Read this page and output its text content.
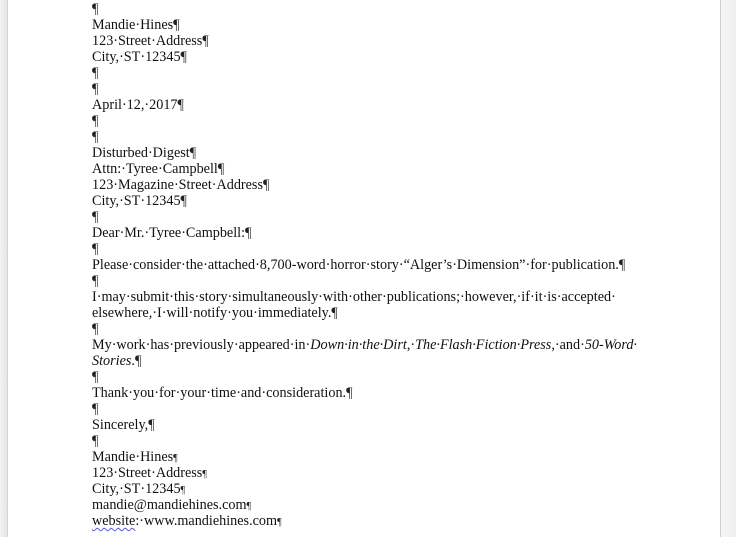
¶
Mandie·Hines¶
123·Street·Address¶
City,·ST·12345¶
¶
¶
April·12,·2017¶
¶
¶
Disturbed·Digest¶
Attn:·Tyree·Campbell¶
123·Magazine·Street·Address¶
City,·ST·12345¶
¶
Dear·Mr.·Tyree·Campbell:¶
¶
Please·consider·the·attached·8,700-word·horror·story·“Alger’s·Dimension”·for·publication.¶
¶
I·may·submit·this·story·simultaneously·with·other·publications;·however,·if·it·is·accepted·
elsewhere,·I·will·notify·you·immediately.¶
¶
My·work·has·previously·appeared·in·Down·in·the·Dirt,·The·Flash·Fiction·Press,·and·50-Word·
Stories.¶
¶
Thank·you·for·your·time·and·consideration.¶
¶
Sincerely,¶
¶
Mandie·Hines¶
123·Street·Address¶
City,·ST·12345¶
mandie@mandiehines.com¶
website:·www.mandiehines.com¶
